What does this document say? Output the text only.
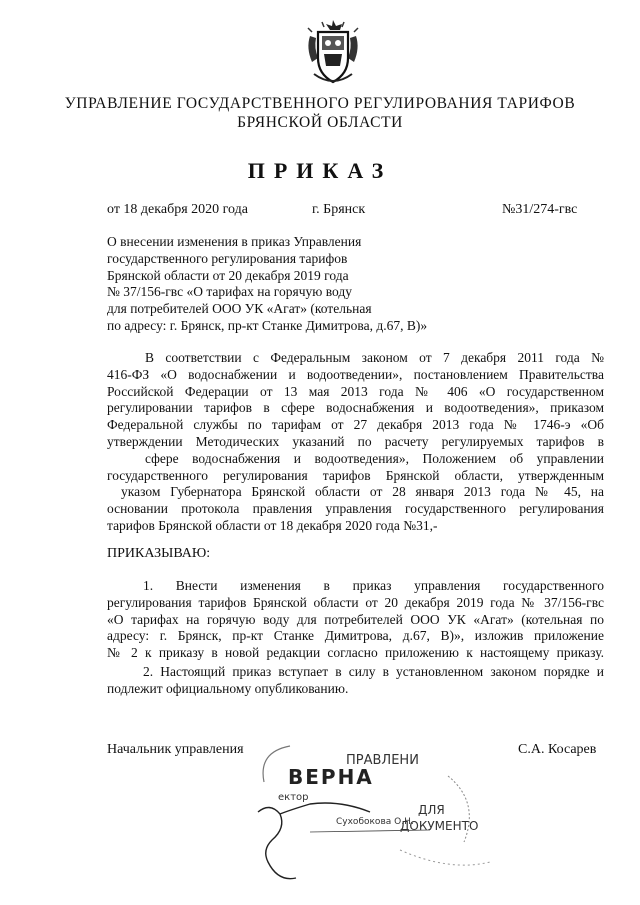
УПРАВЛЕНИЕ ГОСУДАРСТВЕННОГО РЕГУЛИРОВАНИЯ ТАРИФОВ
БРЯНСКОЙ ОБЛАСТИ
ПРИКАЗ
от 18 декабря 2020 года	г. Брянск	№31/274-гвс
О внесении изменения в приказ Управления
государственного регулирования тарифов
Брянской области от 20 декабря 2019 года
№ 37/156-гвс «О тарифах на горячую воду
для потребителей ООО УК «Агат» (котельная
по адресу: г. Брянск, пр-кт Станке Димитрова, д.67, В)»
В соответствии с Федеральным законом от 7 декабря 2011 года №
416-ФЗ «О водоснабжении и водоотведении», постановлением Правительства
Российской Федерации от 13 мая 2013 года № 406 «О государственном
регулировании тарифов в сфере водоснабжения и водоотведения», приказом
Федеральной службы по тарифам от 27 декабря 2013 года № 1746-э «Об
утверждении Методических указаний по расчету регулируемых тарифов в
сфере водоснабжения и водоотведения», Положением об управлении
государственного регулирования тарифов Брянской области, утвержденным
указом Губернатора Брянской области от 28 января 2013 года № 45, на
основании протокола правления управления государственного регулирования
тарифов Брянской области от 18 декабря 2020 года №31,-
ПРИКАЗЫВАЮ:
1. Внести изменения в приказ управления государственного
регулирования тарифов Брянской области от 20 декабря 2019 года № 37/156-гвс
«О тарифах на горячую воду для потребителей ООО УК «Агат» (котельная по
адресу: г. Брянск, пр-кт Станке Димитрова, д.67, В)», изложив приложение
№ 2 к приказу в новой редакции согласно приложению к настоящему приказу.
2. Настоящий приказ вступает в силу в установленном законом порядке и
подлежит официальному опубликованию.
Начальник управления	С.А. Косарев
ПРАВЛЕНИ
ВЕРНА
ектор
Сухобокова О.Н.
ДЛЯ
ДОКУМЕНТО
